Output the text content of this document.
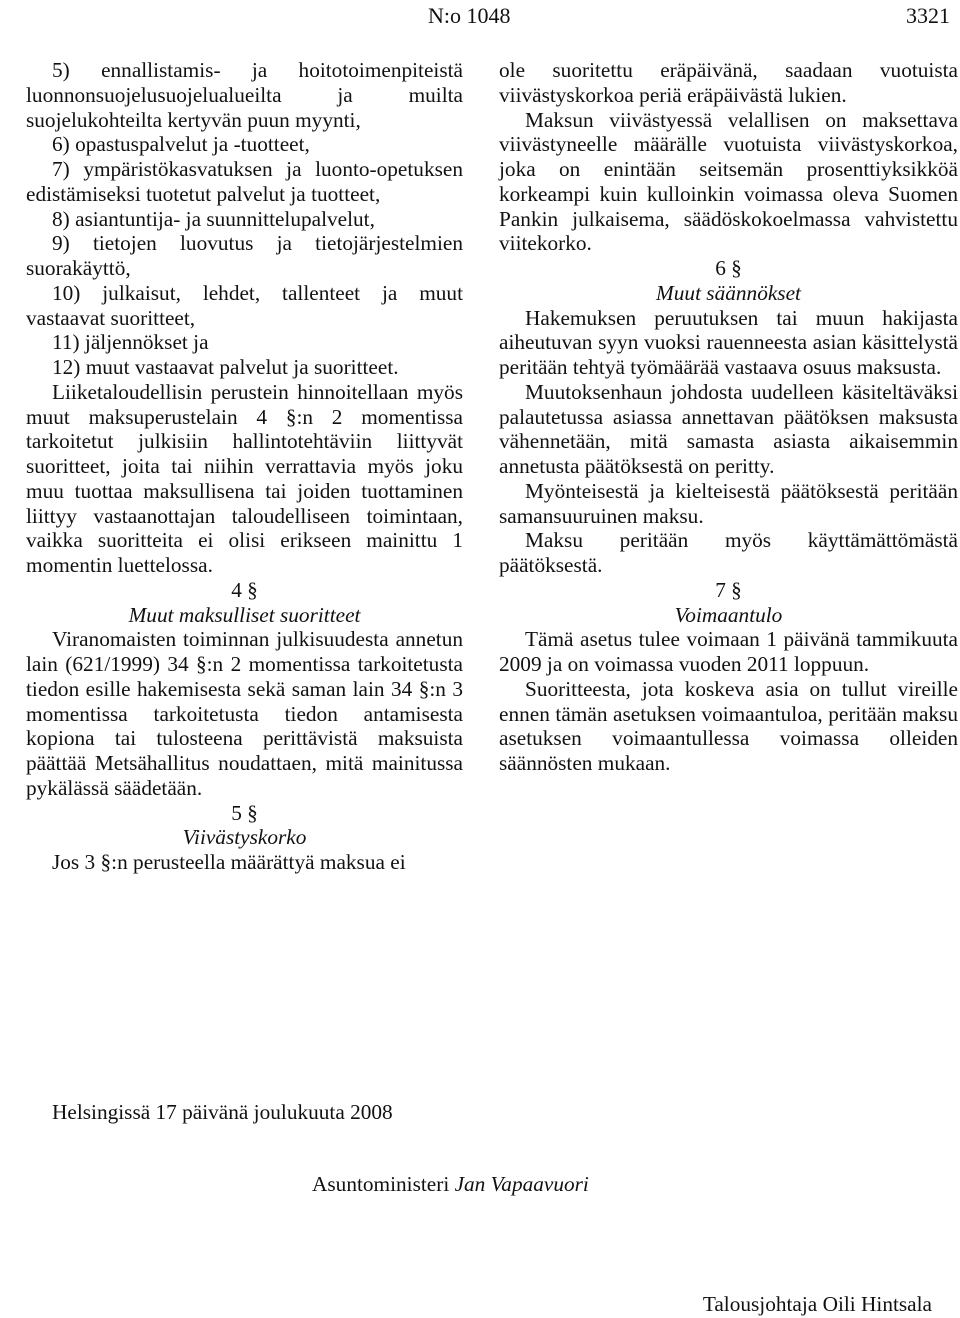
N:o 1048	3321

5) ennallistamis- ja hoitotoimenpiteistä luonnonsuojelusuojelualueilta ja muilta suojelukohteilta kertyvän puun myynti,

6) opastuspalvelut ja -tuotteet,

7) ympäristökasvatuksen ja luonto-opetuksen edistämiseksi tuotetut palvelut ja tuotteet,

8) asiantuntija- ja suunnittelupalvelut,

9) tietojen luovutus ja tietojärjestelmien suorakäyttö,

10) julkaisut, lehdet, tallenteet ja muut vastaavat suoritteet,

11) jäljennökset ja

12) muut vastaavat palvelut ja suoritteet.

Liiketaloudellisin perustein hinnoitellaan myös muut maksuperustelain 4 §:n 2 momentissa tarkoitetut julkisiin hallintotehtäviin liittyvät suoritteet, joita tai niihin verrattavia myös joku muu tuottaa maksullisena tai joiden tuottaminen liittyy vastaanottajan taloudelliseen toimintaan, vaikka suoritteita ei olisi erikseen mainittu 1 momentin luettelossa.

4 §

Muut maksulliset suoritteet

Viranomaisten toiminnan julkisuudesta annetun lain (621/1999) 34 §:n 2 momentissa tarkoitetusta tiedon esille hakemisesta sekä saman lain 34 §:n 3 momentissa tarkoitetusta tiedon antamisesta kopiona tai tulosteena perittävistä maksuista päättää Metsähallitus noudattaen, mitä mainitussa pykälässä säädetään.

5 §

Viivästyskorko

Jos 3 §:n perusteella määrättyä maksua ei

ole suoritettu eräpäivänä, saadaan vuotuista viivästyskorkoa periä eräpäivästä lukien.

Maksun viivästyessä velallisen on maksettava viivästyneelle määrälle vuotuista viivästyskorkoa, joka on enintään seitsemän prosenttiyksikköä korkeampi kuin kulloinkin voimassa oleva Suomen Pankin julkaisema, säädöskokoelmassa vahvistettu viitekorko.

6 §

Muut säännökset

Hakemuksen peruutuksen tai muun hakijasta aiheutuvan syyn vuoksi rauenneesta asian käsittelystä peritään tehtyä työmäärää vastaava osuus maksusta.

Muutoksenhaun johdosta uudelleen käsiteltäväksi palautetussa asiassa annettavan päätöksen maksusta vähennetään, mitä samasta asiasta aikaisemmin annetusta päätöksestä on peritty.

Myönteisestä ja kielteisestä päätöksestä peritään samansuuruinen maksu.

Maksu peritään myös käyttämättömästä päätöksestä.

7 §

Voimaantulo

Tämä asetus tulee voimaan 1 päivänä tammikuuta 2009 ja on voimassa vuoden 2011 loppuun.

Suoritteesta, jota koskeva asia on tullut vireille ennen tämän asetuksen voimaantuloa, peritään maksu asetuksen voimaantullessa voimassa olleiden säännösten mukaan.

Helsingissä 17 päivänä joulukuuta 2008
Asuntoministeri Jan Vapaavuori
Talousjohtaja Oili Hintsala
